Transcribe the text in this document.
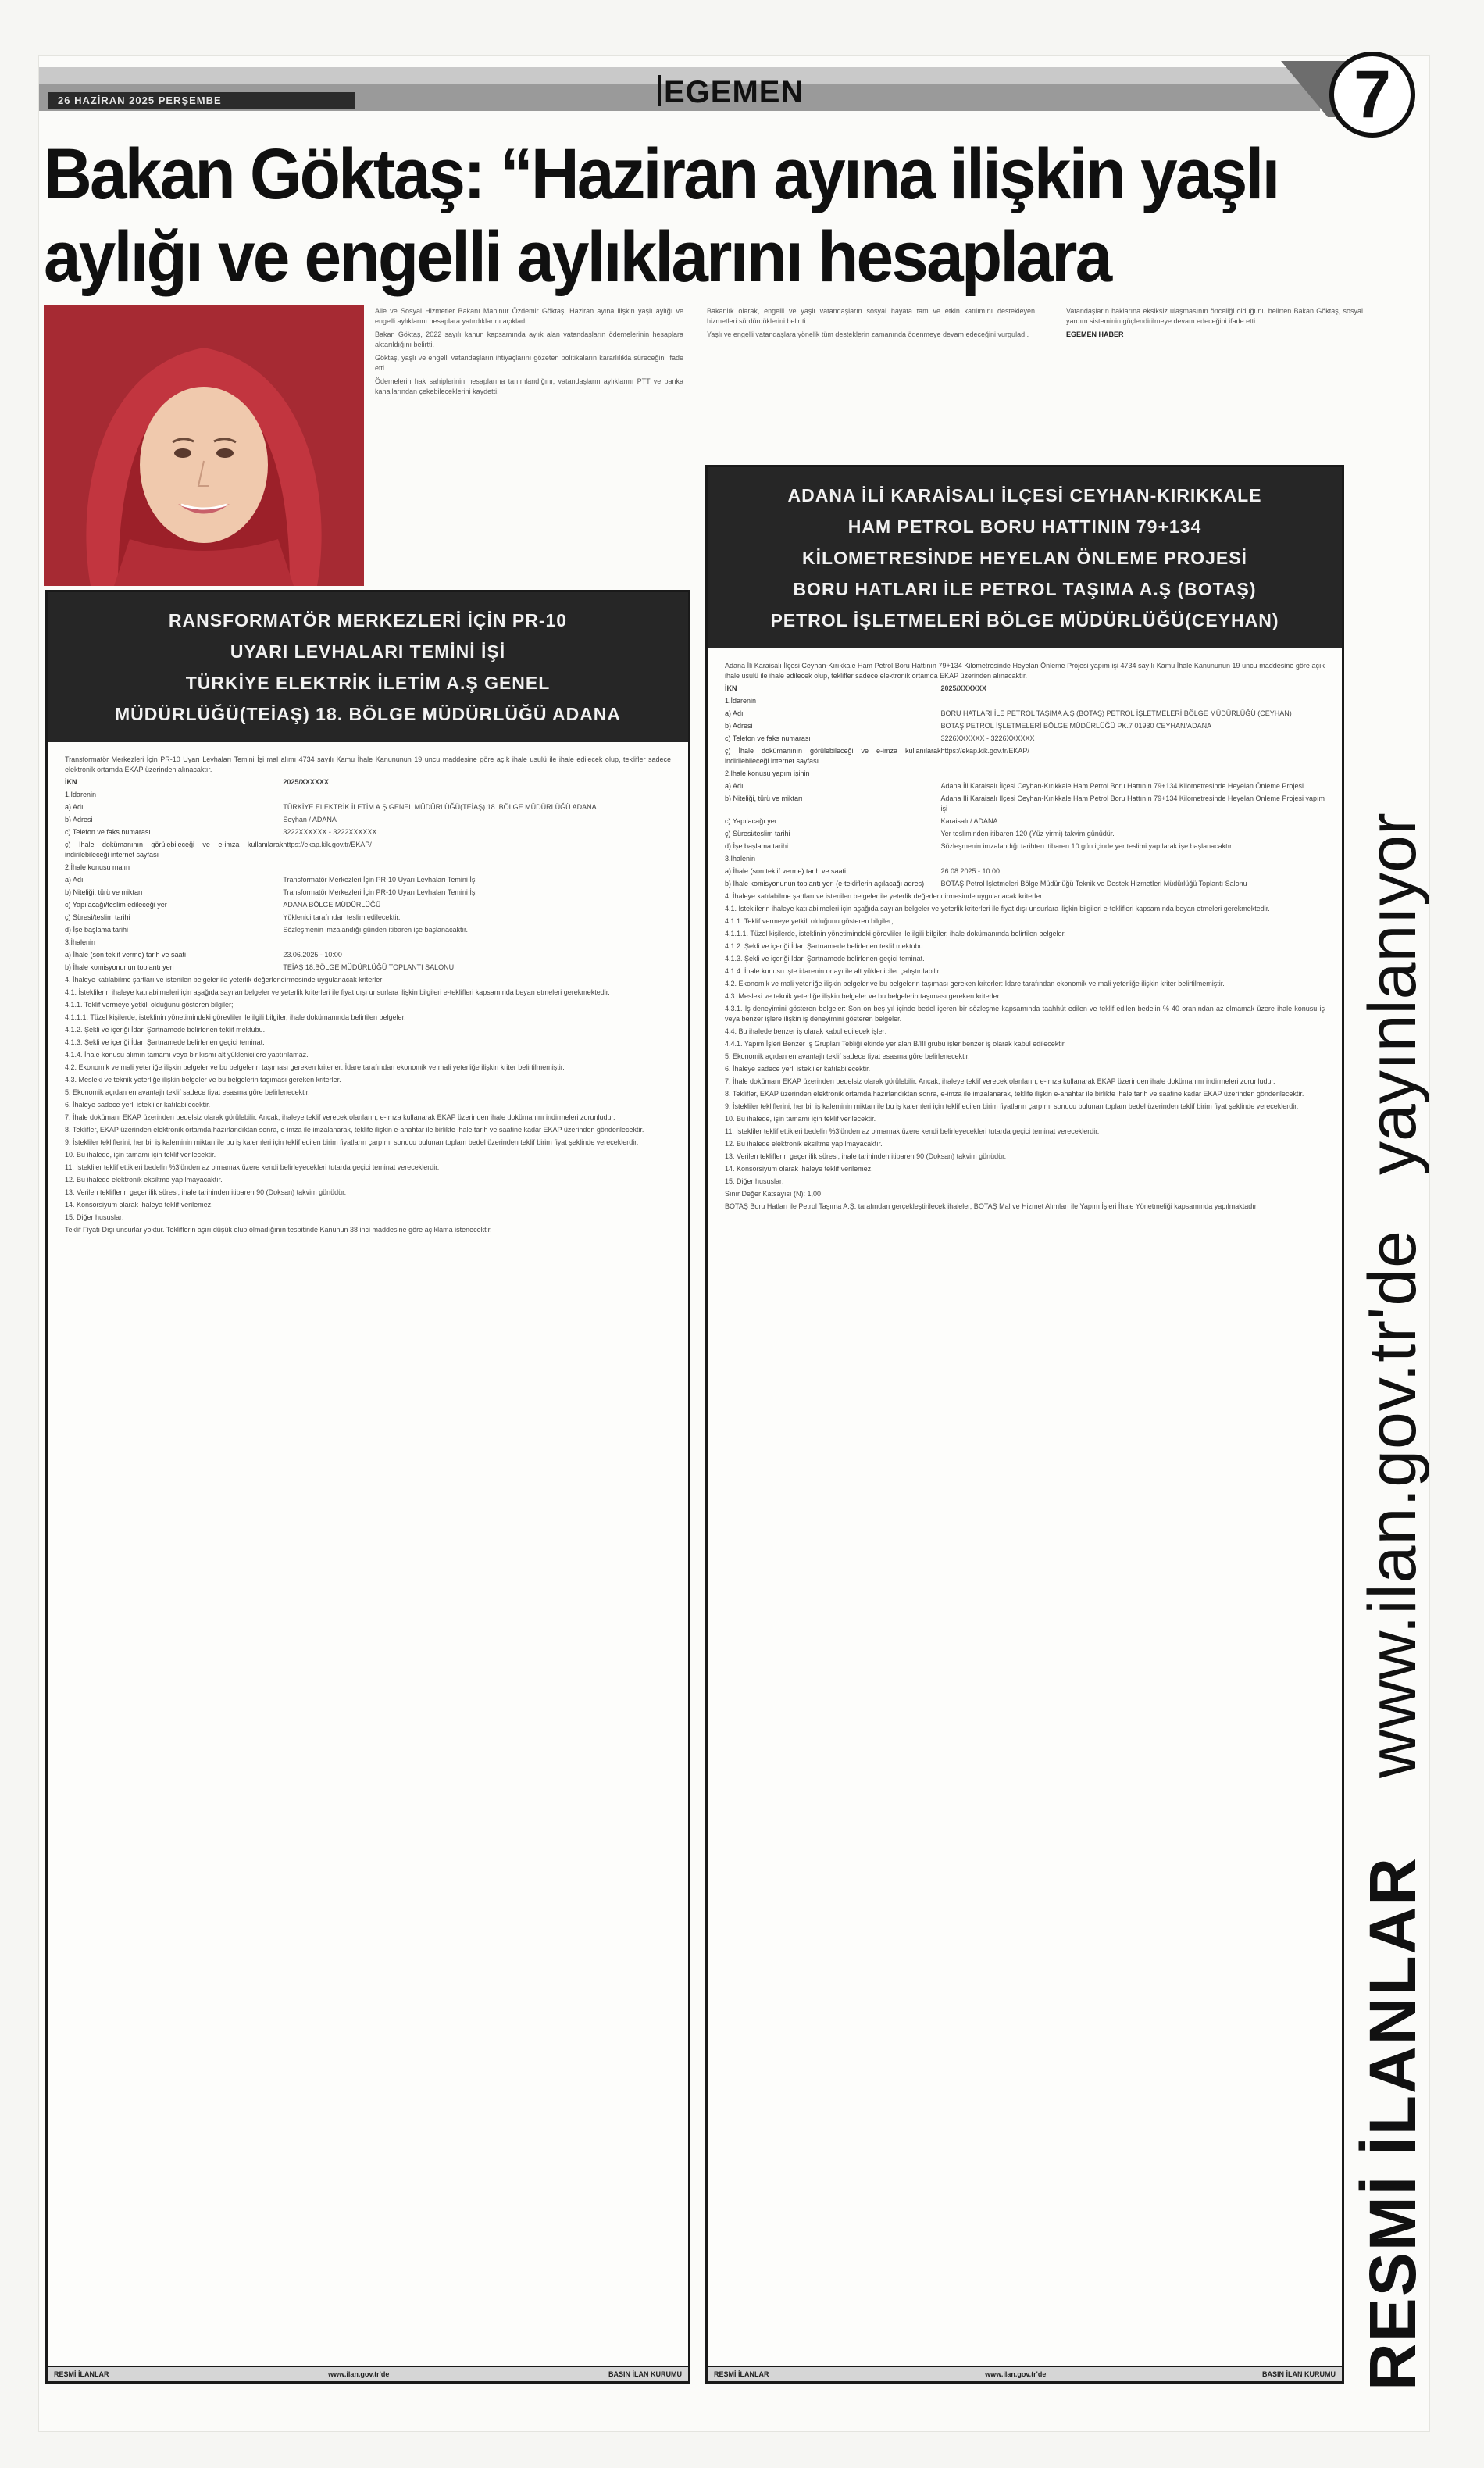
26 HAZİRAN 2025 PERŞEMBE	EGEMEN	7
Bakan Göktaş: “Haziran ayına ilişkin yaşlı
aylığı ve engelli aylıklarını hesaplara

Aile ve Sosyal Hizmetler Bakanı Mahinur Özdemir Göktaş, Haziran ayına ilişkin yaşlı aylığı ve engelli aylıklarını hesaplara yatırdıklarını açıkladı.

Bakan Göktaş, 2022 sayılı kanun kapsamında aylık alan vatandaşların ödemelerinin hesaplara aktarıldığını belirtti.

Göktaş, yaşlı ve engelli vatandaşların ihtiyaçlarını gözeten politikaların kararlılıkla süreceğini ifade etti.

Ödemelerin hak sahiplerinin hesaplarına tanımlandığını, vatandaşların aylıklarını PTT ve banka kanallarından çekebileceklerini kaydetti.

Bakanlık olarak, engelli ve yaşlı vatandaşların sosyal hayata tam ve etkin katılımını destekleyen hizmetleri sürdürdüklerini belirtti.

Yaşlı ve engelli vatandaşlara yönelik tüm desteklerin zamanında ödenmeye devam edeceğini vurguladı.

Vatandaşların haklarına eksiksiz ulaşmasının önceliği olduğunu belirten Bakan Göktaş, sosyal yardım sisteminin güçlendirilmeye devam edeceğini ifade etti.

EGEMEN HABER

RANSFORMATÖR MERKEZLERİ İÇİN PR-10
UYARI LEVHALARI TEMİNİ İŞİ
TÜRKİYE ELEKTRİK İLETİM A.Ş GENEL
MÜDÜRLÜĞÜ(TEİAŞ) 18. BÖLGE MÜDÜRLÜĞÜ ADANA

Transformatör Merkezleri İçin PR-10 Uyarı Levhaları Temini İşi mal alımı 4734 sayılı Kamu İhale Kanununun 19 uncu maddesine göre açık ihale usulü ile ihale edilecek olup, teklifler sadece elektronik ortamda EKAP üzerinden alınacaktır.

İKN	2025/XXXXXX
1.İdarenin
a) Adı	TÜRKİYE ELEKTRİK İLETİM A.Ş GENEL MÜDÜRLÜĞÜ(TEİAŞ) 18. BÖLGE MÜDÜRLÜĞÜ ADANA
b) Adresi	Seyhan / ADANA
c) Telefon ve faks numarası	3222XXXXXX - 3222XXXXXX
ç) İhale dokümanının görülebileceği ve e-imza kullanılarak indirilebileceği internet sayfası
https://ekap.kik.gov.tr/EKAP/
2.İhale konusu malın
a) Adı	Transformatör Merkezleri İçin PR-10 Uyarı Levhaları Temini İşi
b) Niteliği, türü ve miktarı	Transformatör Merkezleri İçin PR-10 Uyarı Levhaları Temini İşi
c) Yapılacağı/teslim edileceği yer	ADANA BÖLGE MÜDÜRLÜĞÜ
ç) Süresi/teslim tarihi	Yüklenici tarafından teslim edilecektir.
d) İşe başlama tarihi	Sözleşmenin imzalandığı günden itibaren işe başlanacaktır.
3.İhalenin
a) İhale (son teklif verme) tarih ve saati	23.06.2025 - 10:00
b) İhale komisyonunun toplantı yeri	TEİAŞ 18.BÖLGE MÜDÜRLÜĞÜ TOPLANTI SALONU

4. İhaleye katılabilme şartları ve istenilen belgeler ile yeterlik değerlendirmesinde uygulanacak kriterler:

4.1. İsteklilerin ihaleye katılabilmeleri için aşağıda sayılan belgeler ve yeterlik kriterleri ile fiyat dışı unsurlara ilişkin bilgileri e-teklifleri kapsamında beyan etmeleri gerekmektedir.

4.1.1. Teklif vermeye yetkili olduğunu gösteren bilgiler;

4.1.1.1. Tüzel kişilerde, isteklinin yönetimindeki görevliler ile ilgili bilgiler, ihale dokümanında belirtilen belgeler.

4.1.2. Şekli ve içeriği İdari Şartnamede belirlenen teklif mektubu.

4.1.3. Şekli ve içeriği İdari Şartnamede belirlenen geçici teminat.

4.1.4. İhale konusu alımın tamamı veya bir kısmı alt yüklenicilere yaptırılamaz.

4.2. Ekonomik ve mali yeterliğe ilişkin belgeler ve bu belgelerin taşıması gereken kriterler: İdare tarafından ekonomik ve mali yeterliğe ilişkin kriter belirtilmemiştir.

4.3. Mesleki ve teknik yeterliğe ilişkin belgeler ve bu belgelerin taşıması gereken kriterler.

5. Ekonomik açıdan en avantajlı teklif sadece fiyat esasına göre belirlenecektir.

6. İhaleye sadece yerli istekliler katılabilecektir.

7. İhale dokümanı EKAP üzerinden bedelsiz olarak görülebilir. Ancak, ihaleye teklif verecek olanların, e-imza kullanarak EKAP üzerinden ihale dokümanını indirmeleri zorunludur.

8. Teklifler, EKAP üzerinden elektronik ortamda hazırlandıktan sonra, e-imza ile imzalanarak, teklife ilişkin e-anahtar ile birlikte ihale tarih ve saatine kadar EKAP üzerinden gönderilecektir.

9. İstekliler tekliflerini, her bir iş kaleminin miktarı ile bu iş kalemleri için teklif edilen birim fiyatların çarpımı sonucu bulunan toplam bedel üzerinden teklif birim fiyat şeklinde vereceklerdir.

10. Bu ihalede, işin tamamı için teklif verilecektir.

11. İstekliler teklif ettikleri bedelin %3'ünden az olmamak üzere kendi belirleyecekleri tutarda geçici teminat vereceklerdir.

12. Bu ihalede elektronik eksiltme yapılmayacaktır.

13. Verilen tekliflerin geçerlilik süresi, ihale tarihinden itibaren 90 (Doksan) takvim günüdür.

14. Konsorsiyum olarak ihaleye teklif verilemez.

15. Diğer hususlar:

Teklif Fiyatı Dışı unsurlar yoktur. Tekliflerin aşırı düşük olup olmadığının tespitinde Kanunun 38 inci maddesine göre açıklama istenecektir.

RESMİ İLANLAR	www.ilan.gov.tr'de	BASIN İLAN KURUMU
ADANA İLİ KARAİSALI İLÇESİ CEYHAN-KIRIKKALE
HAM PETROL BORU HATTININ 79+134
KİLOMETRESİNDE HEYELAN ÖNLEME PROJESİ
BORU HATLARI İLE PETROL TAŞIMA A.Ş (BOTAŞ)
PETROL İŞLETMELERİ BÖLGE MÜDÜRLÜĞÜ(CEYHAN)

Adana İli Karaisalı İlçesi Ceyhan-Kırıkkale Ham Petrol Boru Hattının 79+134 Kilometresinde Heyelan Önleme Projesi yapım işi 4734 sayılı Kamu İhale Kanununun 19 uncu maddesine göre açık ihale usulü ile ihale edilecek olup, teklifler sadece elektronik ortamda EKAP üzerinden alınacaktır.

İKN	2025/XXXXXX
1.İdarenin
a) Adı	BORU HATLARI İLE PETROL TAŞIMA A.Ş (BOTAŞ) PETROL İŞLETMELERİ BÖLGE MÜDÜRLÜĞÜ (CEYHAN)
b) Adresi	BOTAŞ PETROL İŞLETMELERİ BÖLGE MÜDÜRLÜĞÜ PK.7 01930 CEYHAN/ADANA
c) Telefon ve faks numarası	3226XXXXXX - 3226XXXXXX
ç) İhale dokümanının görülebileceği ve e-imza kullanılarak indirilebileceği internet sayfası
https://ekap.kik.gov.tr/EKAP/
2.İhale konusu yapım işinin
a) Adı	Adana İli Karaisalı İlçesi Ceyhan-Kırıkkale Ham Petrol Boru Hattının 79+134 Kilometresinde Heyelan Önleme Projesi
b) Niteliği, türü ve miktarı	Adana İli Karaisalı İlçesi Ceyhan-Kırıkkale Ham Petrol Boru Hattının 79+134 Kilometresinde Heyelan Önleme Projesi yapım işi
c) Yapılacağı yer	Karaisalı / ADANA
ç) Süresi/teslim tarihi	Yer tesliminden itibaren 120 (Yüz yirmi) takvim günüdür.
d) İşe başlama tarihi	Sözleşmenin imzalandığı tarihten itibaren 10 gün içinde yer teslimi yapılarak işe başlanacaktır.
3.İhalenin
a) İhale (son teklif verme) tarih ve saati	26.08.2025 - 10:00
b) İhale komisyonunun toplantı yeri (e-tekliflerin açılacağı adres)	BOTAŞ Petrol İşletmeleri Bölge Müdürlüğü Teknik ve Destek Hizmetleri Müdürlüğü Toplantı Salonu

4. İhaleye katılabilme şartları ve istenilen belgeler ile yeterlik değerlendirmesinde uygulanacak kriterler:

4.1. İsteklilerin ihaleye katılabilmeleri için aşağıda sayılan belgeler ve yeterlik kriterleri ile fiyat dışı unsurlara ilişkin bilgileri e-teklifleri kapsamında beyan etmeleri gerekmektedir.

4.1.1. Teklif vermeye yetkili olduğunu gösteren bilgiler;

4.1.1.1. Tüzel kişilerde, isteklinin yönetimindeki görevliler ile ilgili bilgiler, ihale dokümanında belirtilen belgeler.

4.1.2. Şekli ve içeriği İdari Şartnamede belirlenen teklif mektubu.

4.1.3. Şekli ve içeriği İdari Şartnamede belirlenen geçici teminat.

4.1.4. İhale konusu işte idarenin onayı ile alt yükleniciler çalıştırılabilir.

4.2. Ekonomik ve mali yeterliğe ilişkin belgeler ve bu belgelerin taşıması gereken kriterler: İdare tarafından ekonomik ve mali yeterliğe ilişkin kriter belirtilmemiştir.

4.3. Mesleki ve teknik yeterliğe ilişkin belgeler ve bu belgelerin taşıması gereken kriterler.

4.3.1. İş deneyimini gösteren belgeler: Son on beş yıl içinde bedel içeren bir sözleşme kapsamında taahhüt edilen ve teklif edilen bedelin % 40 oranından az olmamak üzere ihale konusu iş veya benzer işlere ilişkin iş deneyimini gösteren belgeler.

4.4. Bu ihalede benzer iş olarak kabul edilecek işler:

4.4.1. Yapım İşleri Benzer İş Grupları Tebliği ekinde yer alan B/III grubu işler benzer iş olarak kabul edilecektir.

5. Ekonomik açıdan en avantajlı teklif sadece fiyat esasına göre belirlenecektir.

6. İhaleye sadece yerli istekliler katılabilecektir.

7. İhale dokümanı EKAP üzerinden bedelsiz olarak görülebilir. Ancak, ihaleye teklif verecek olanların, e-imza kullanarak EKAP üzerinden ihale dokümanını indirmeleri zorunludur.

8. Teklifler, EKAP üzerinden elektronik ortamda hazırlandıktan sonra, e-imza ile imzalanarak, teklife ilişkin e-anahtar ile birlikte ihale tarih ve saatine kadar EKAP üzerinden gönderilecektir.

9. İstekliler tekliflerini, her bir iş kaleminin miktarı ile bu iş kalemleri için teklif edilen birim fiyatların çarpımı sonucu bulunan toplam bedel üzerinden teklif birim fiyat şeklinde vereceklerdir.

10. Bu ihalede, işin tamamı için teklif verilecektir.

11. İstekliler teklif ettikleri bedelin %3'ünden az olmamak üzere kendi belirleyecekleri tutarda geçici teminat vereceklerdir.

12. Bu ihalede elektronik eksiltme yapılmayacaktır.

13. Verilen tekliflerin geçerlilik süresi, ihale tarihinden itibaren 90 (Doksan) takvim günüdür.

14. Konsorsiyum olarak ihaleye teklif verilemez.

15. Diğer hususlar:

Sınır Değer Katsayısı (N): 1,00

BOTAŞ Boru Hatları ile Petrol Taşıma A.Ş. tarafından gerçekleştirilecek ihaleler, BOTAŞ Mal ve Hizmet Alımları ile Yapım İşleri İhale Yönetmeliği kapsamında yapılmaktadır.

RESMİ İLANLAR	www.ilan.gov.tr'de	BASIN İLAN KURUMU RESMİ İLANLAR
www.ilan.gov.tr'de
yayınlanıyor
